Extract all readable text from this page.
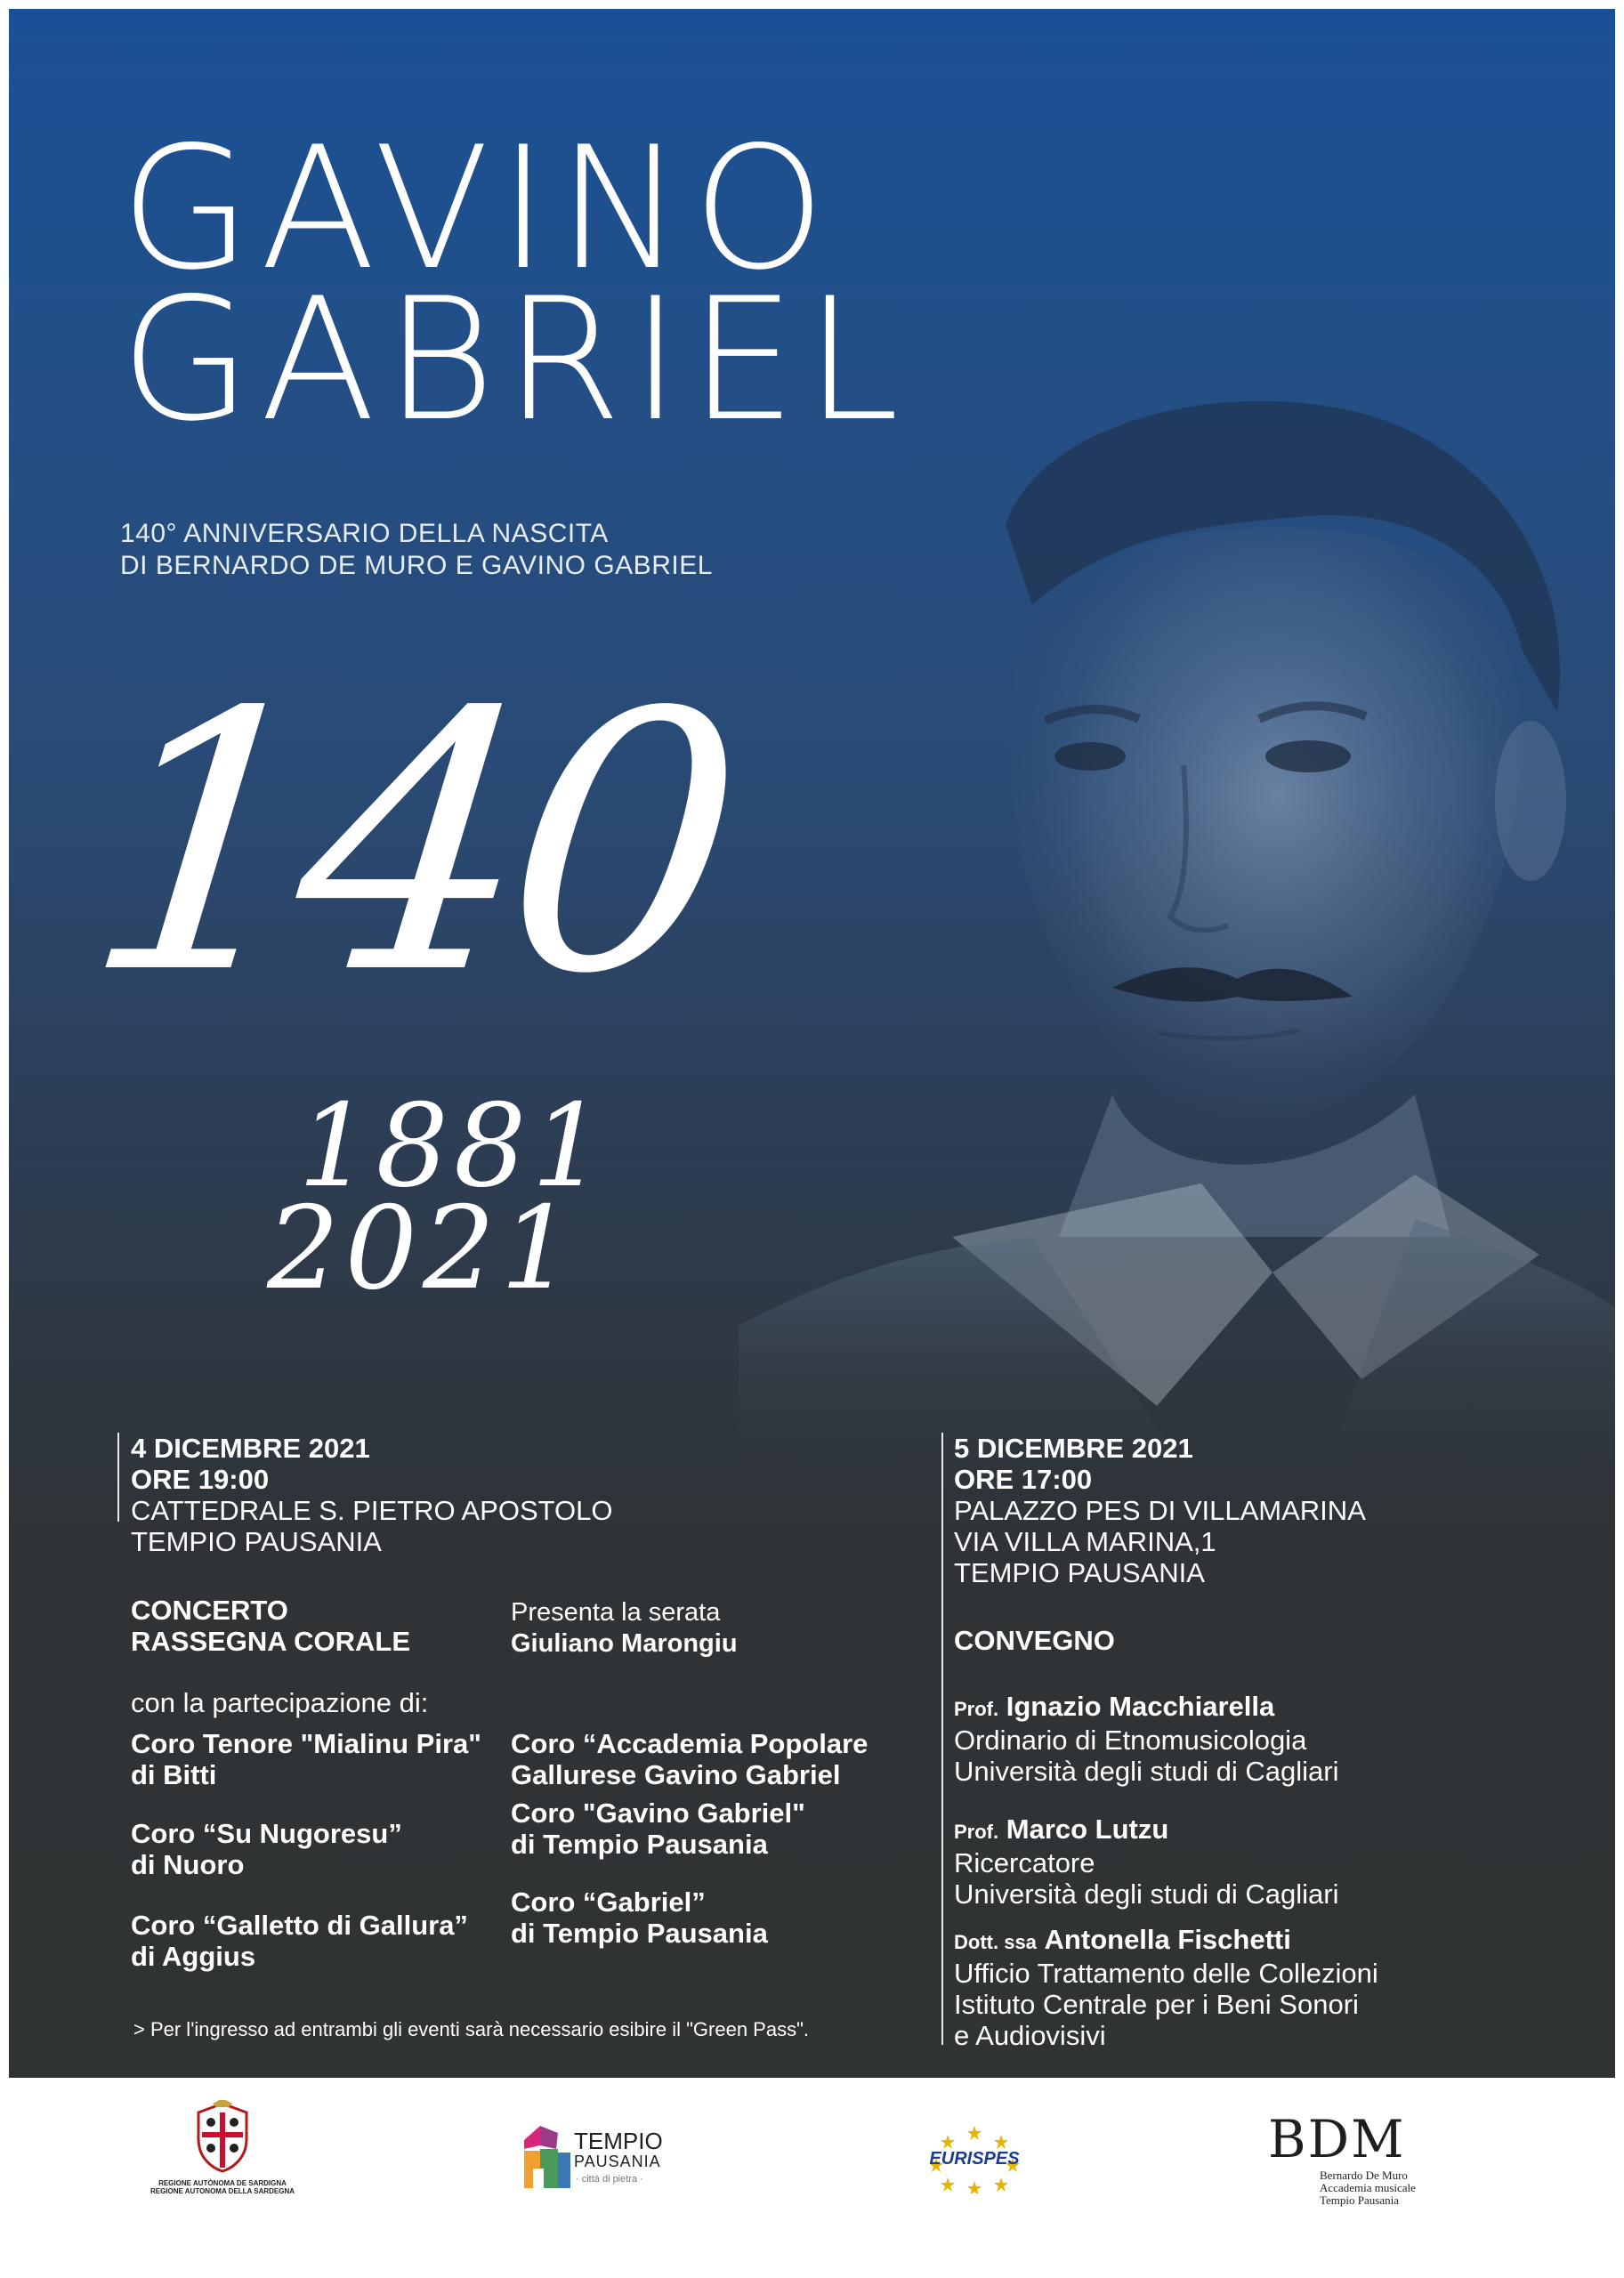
GAVINO
GABRIEL
140° ANNIVERSARIO DELLA NASCITA
DI BERNARDO DE MURO E GAVINO GABRIEL
140
1881
2021
4 DICEMBRE 2021
ORE 19:00
CATTEDRALE S. PIETRO APOSTOLO
TEMPIO PAUSANIA
CONCERTO
RASSEGNA CORALE
Presenta la serata
Giuliano Marongiu
con la partecipazione di:
Coro Tenore "Mialinu Pira"
di Bitti
Coro “Su Nugoresu”
di Nuoro
Coro “Galletto di Gallura”
di Aggius
Coro “Accademia Popolare
Gallurese Gavino Gabriel
Coro "Gavino Gabriel"
di Tempio Pausania
Coro “Gabriel”
di Tempio Pausania
> Per l'ingresso ad entrambi gli eventi sarà necessario esibire il "Green Pass".
5 DICEMBRE 2021
ORE 17:00
PALAZZO PES DI VILLAMARINA
VIA VILLA MARINA,1
TEMPIO PAUSANIA
CONVEGNO
Prof. Ignazio Macchiarella
Ordinario di Etnomusicologia
Università degli studi di Cagliari
Prof. Marco Lutzu
Ricercatore
Università degli studi di Cagliari
Dott. ssa Antonella Fischetti
Ufficio Trattamento delle Collezioni
Istituto Centrale per i Beni Sonori
e Audiovisivi
REGIONE AUTÒNOMA DE SARDIGNA
REGIONE AUTONOMA DELLA SARDEGNA
TEMPIO
PAUSANIA
· città di pietra ·
EURISPES	BDM
Bernardo De Muro
Accademia musicale
Tempio Pausania
